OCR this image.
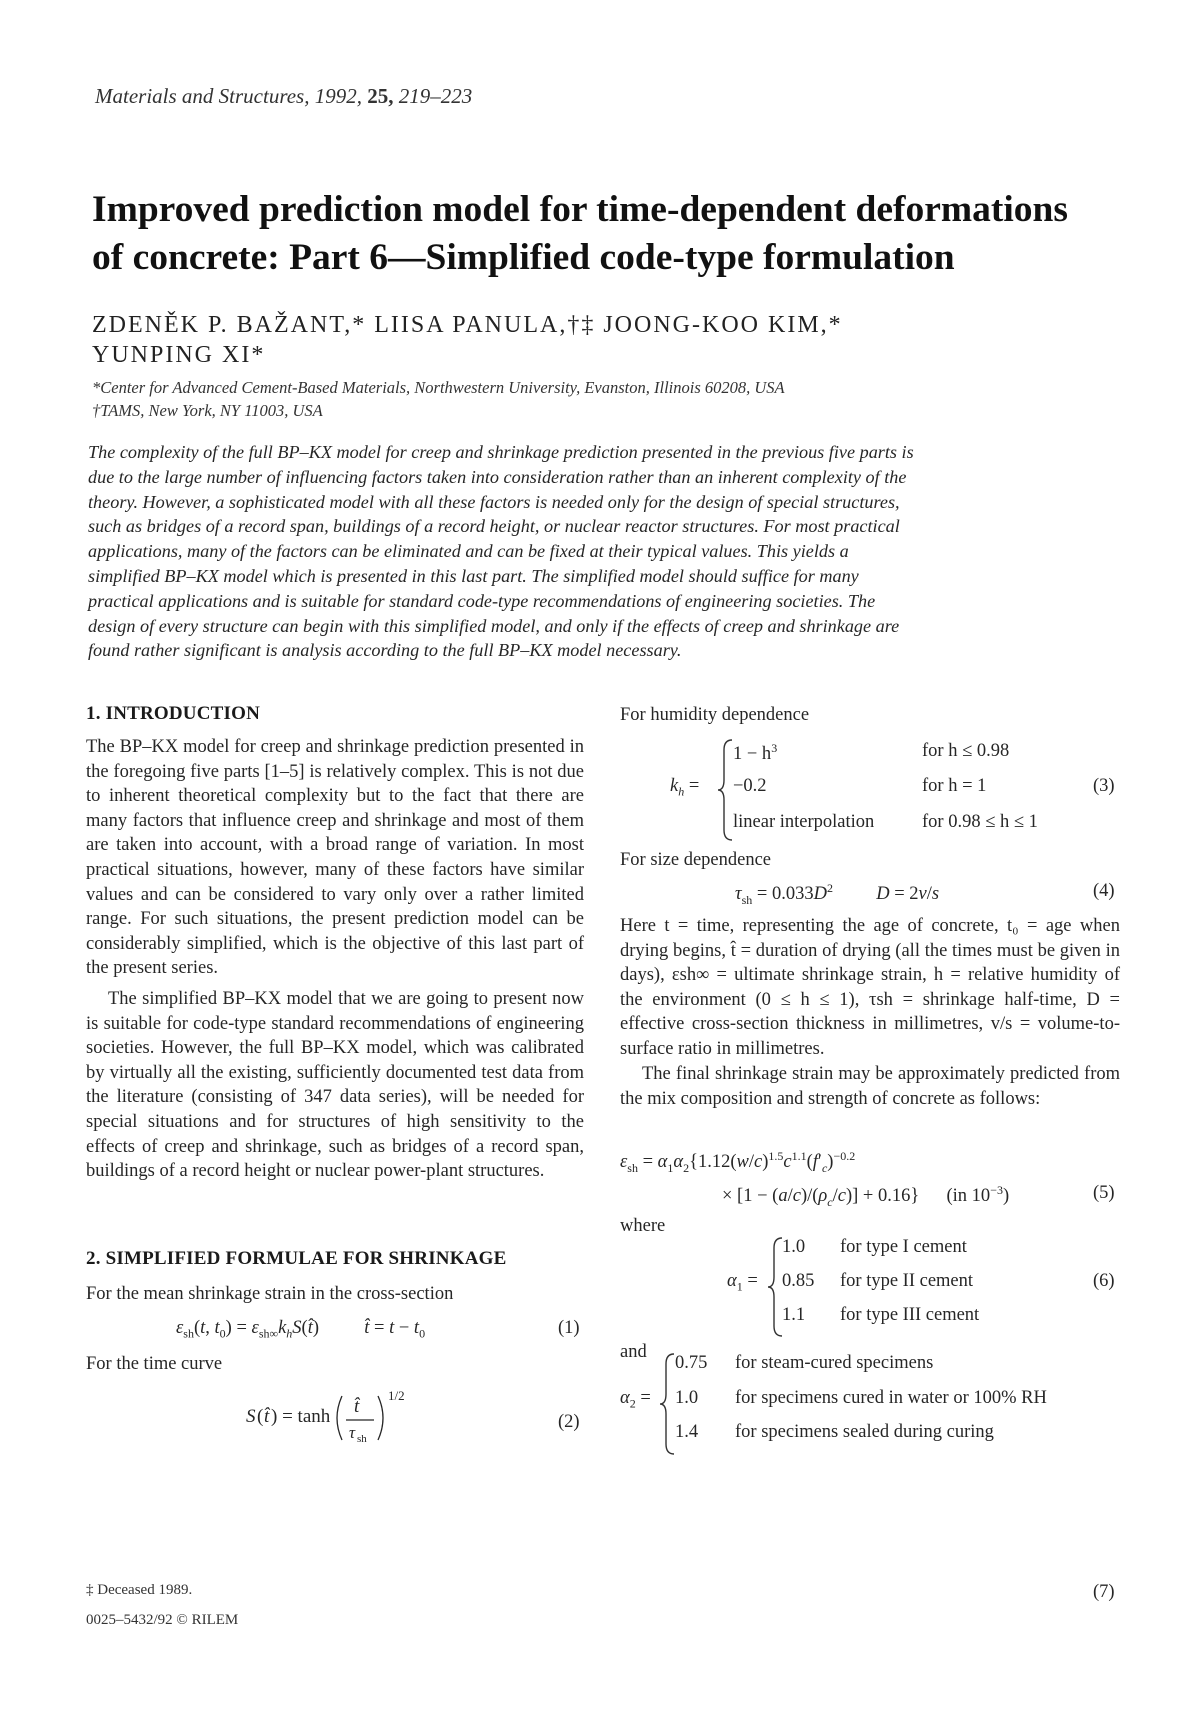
Materials and Structures, 1992, 25, 219–223
Improved prediction model for time-dependent deformations
of concrete: Part 6—Simplified code-type formulation
ZDENĚK P. BAŽANT,* LIISA PANULA,†‡ JOONG-KOO KIM,*
YUNPING XI*
*Center for Advanced Cement-Based Materials, Northwestern University, Evanston, Illinois 60208, USA
†TAMS, New York, NY 11003, USA
The complexity of the full BP–KX model for creep and shrinkage prediction presented in the previous five parts is due to the large number of influencing factors taken into consideration rather than an inherent complexity of the theory. However, a sophisticated model with all these factors is needed only for the design of special structures, such as bridges of a record span, buildings of a record height, or nuclear reactor structures. For most practical applications, many of the factors can be eliminated and can be fixed at their typical values. This yields a simplified BP–KX model which is presented in this last part. The simplified model should suffice for many practical applications and is suitable for standard code-type recommendations of engineering societies. The design of every structure can begin with this simplified model, and only if the effects of creep and shrinkage are found rather significant is analysis according to the full BP–KX model necessary.
1. INTRODUCTION
The BP–KX model for creep and shrinkage prediction presented in the foregoing five parts [1–5] is relatively complex. This is not due to inherent theoretical complexity but to the fact that there are many factors that influence creep and shrinkage and most of them are taken into account, with a broad range of variation. In most practical situations, however, many of these factors have similar values and can be considered to vary only over a rather limited range. For such situations, the present prediction model can be considerably simplified, which is the objective of this last part of the present series.
The simplified BP–KX model that we are going to present now is suitable for code-type standard recommendations of engineering societies. However, the full BP–KX model, which was calibrated by virtually all the existing, sufficiently documented test data from the literature (consisting of 347 data series), will be needed for special situations and for structures of high sensitivity to the effects of creep and shrinkage, such as bridges of a record span, buildings of a record height or nuclear power-plant structures.
2. SIMPLIFIED FORMULAE FOR SHRINKAGE
For the mean shrinkage strain in the cross-section
$\varepsilon_{sh}(t$, $t_0$) = $\varepsilon_{sh\infty}k_hS(t̂)$  t̂ = $t - t_0$	(1)
For the time curve
S ( t̂ ) = tanh t̂
τ sh
1/2
(2)
‡ Deceased 1989.
0025–5432/92 © RILEM
For humidity dependence
$k_h$ =
$1 - h^3$	for h ≤ 0.98
−0.2	for h = 1
linear interpolation	for 0.98 ≤ h ≤ 1
(3)
For size dependence
$\tau_{sh} = 0.033D^2$ D = 2v/s	(4)
Here t = time, representing the age of concrete, t₀ = age when drying begins, t̂ = duration of drying (all the times must be given in days), εsh∞ = ultimate shrinkage strain, h = relative humidity of the environment (0 ≤ h ≤ 1), τsh = shrinkage half-time, D = effective cross-section thickness in millimetres, v/s = volume-to-surface ratio in millimetres.
The final shrinkage strain may be approximately predicted from the mix composition and strength of concrete as follows:
$\varepsilon_{sh} = \alpha_1\alpha_2\{1.12(w/c)^{1.5}c^{1.1}(f'_c)^{-0.2}$
× $[1 - (a/c)/(\rho_c/c)] + 0.16$}  (in $10^{-3}$)	(5)
where
$\alpha_1$ =
1.0 for type I cement
0.85 for type II cement
1.1 for type III cement
(6)
and
$\alpha_2$ =
0.75 for steam-cured specimens
1.0 for specimens cured in water or 100% RH
1.4 for specimens sealed during curing
(7)
